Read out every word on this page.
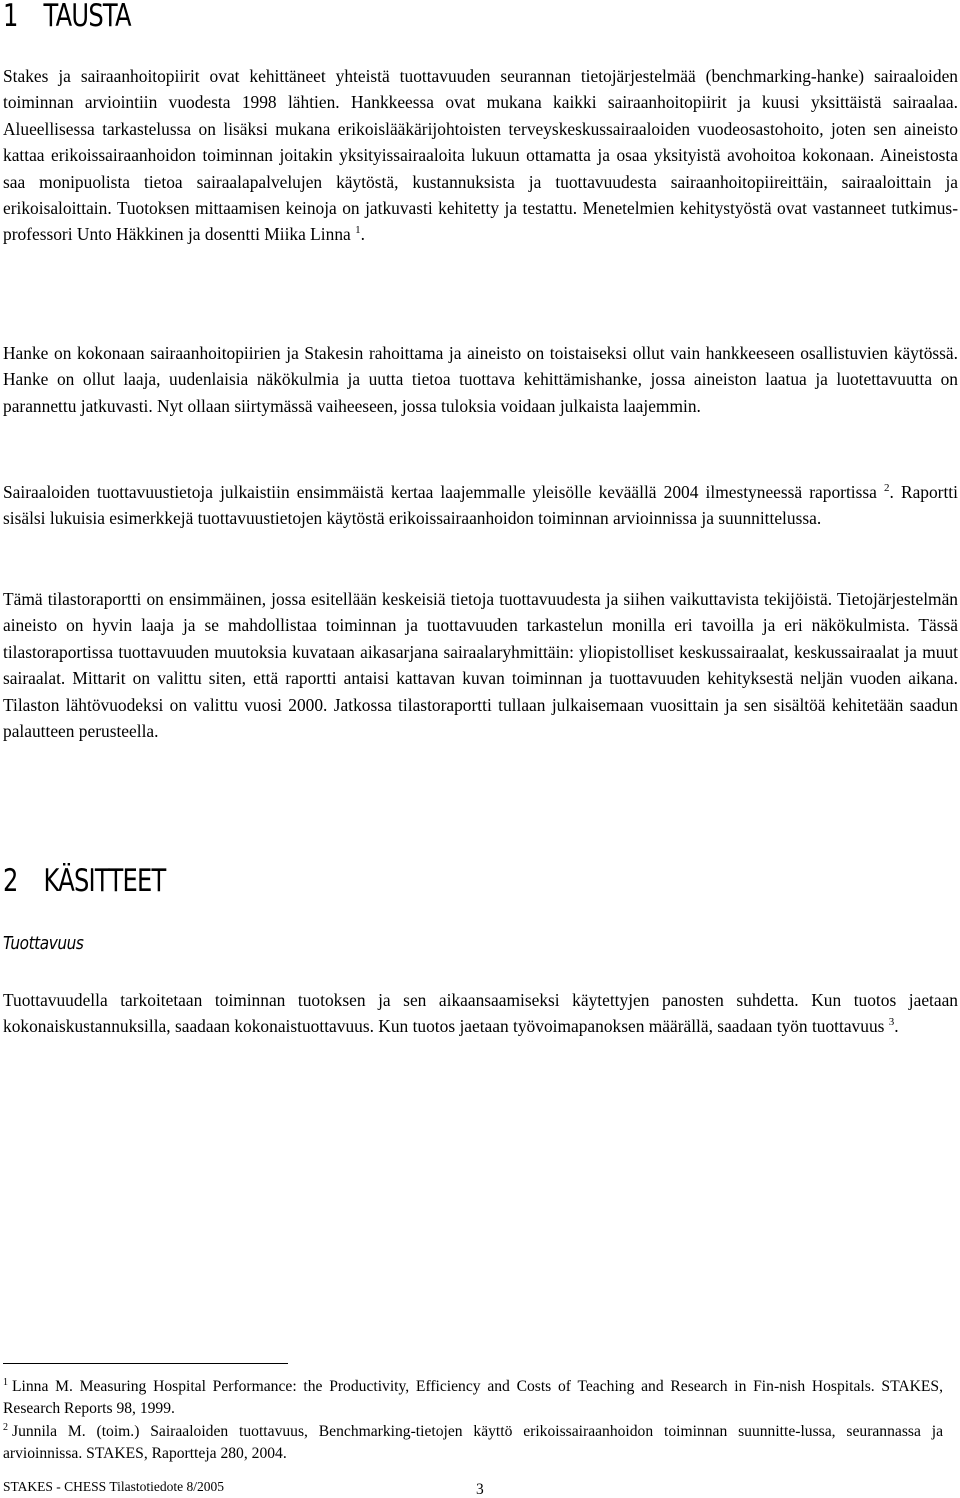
1 TAUSTA

Stakes ja sairaanhoitopiirit ovat kehittäneet yhteistä tuottavuuden seurannan tietojärjestelmää (benchmarking-hanke) sairaaloiden toiminnan arviointiin vuodesta 1998 lähtien. Hankkeessa ovat mukana kaikki sairaanhoitopiirit ja kuusi yksittäistä sairaalaa. Alueellisessa tarkastelussa on lisäksi mukana erikoislääkärijohtoisten terveyskeskussairaaloiden vuodeosastohoito, joten sen aineisto kattaa erikoissairaanhoidon toiminnan joitakin yksityissairaaloita lukuun ottamatta ja osaa yksityistä avohoitoa kokonaan. Aineistosta saa monipuolista tietoa sairaalapalvelujen käytöstä, kustannuksista ja tuottavuudesta sairaanhoitopiireittäin, sairaaloittain ja erikoisaloittain. Tuotoksen mittaamisen keinoja on jatkuvasti kehitetty ja testattu. Menetelmien kehitystyöstä ovat vastanneet tutkimus-professori Unto Häkkinen ja dosentti Miika Linna $^1$.

Hanke on kokonaan sairaanhoitopiirien ja Stakesin rahoittama ja aineisto on toistaiseksi ollut vain hankkeeseen osallistuvien käytössä. Hanke on ollut laaja, uudenlaisia näkökulmia ja uutta tietoa tuottava kehittämishanke, jossa aineiston laatua ja luotettavuutta on parannettu jatkuvasti. Nyt ollaan siirtymässä vaiheeseen, jossa tuloksia voidaan julkaista laajemmin.

Sairaaloiden tuottavuustietoja julkaistiin ensimmäistä kertaa laajemmalle yleisölle keväällä 2004 ilmestyneessä raportissa $^2$. Raportti sisälsi lukuisia esimerkkejä tuottavuustietojen käytöstä erikoissairaanhoidon toiminnan arvioinnissa ja suunnittelussa.

Tämä tilastoraportti on ensimmäinen, jossa esitellään keskeisiä tietoja tuottavuudesta ja siihen vaikuttavista tekijöistä. Tietojärjestelmän aineisto on hyvin laaja ja se mahdollistaa toiminnan ja tuottavuuden tarkastelun monilla eri tavoilla ja eri näkökulmista. Tässä tilastoraportissa tuottavuuden muutoksia kuvataan aikasarjana sairaalaryhmittäin: yliopistolliset keskussairaalat, keskussairaalat ja muut sairaalat. Mittarit on valittu siten, että raportti antaisi kattavan kuvan toiminnan ja tuottavuuden kehityksestä neljän vuoden aikana. Tilaston lähtövuodeksi on valittu vuosi 2000. Jatkossa tilastoraportti tullaan julkaisemaan vuosittain ja sen sisältöä kehitetään saadun palautteen perusteella.

2 KÄSITTEET
Tuottavuus

Tuottavuudella tarkoitetaan toiminnan tuotoksen ja sen aikaansaamiseksi käytettyjen panosten suhdetta. Kun tuotos jaetaan kokonaiskustannuksilla, saadaan kokonaistuottavuus. Kun tuotos jaetaan työvoimapanoksen määrällä, saadaan työn tuottavuus $^3$.

$^1$ Linna M. Measuring Hospital Performance: the Productivity, Efficiency and Costs of Teaching and Research in Fin-nish Hospitals. STAKES, Research Reports 98, 1999.

$^2$ Junnila M. (toim.) Sairaaloiden tuottavuus, Benchmarking-tietojen käyttö erikoissairaanhoidon toiminnan suunnitte-lussa, seurannassa ja arvioinnissa. STAKES, Raportteja 280, 2004.

STAKES - CHESS Tilastotiedote 8/2005	3
